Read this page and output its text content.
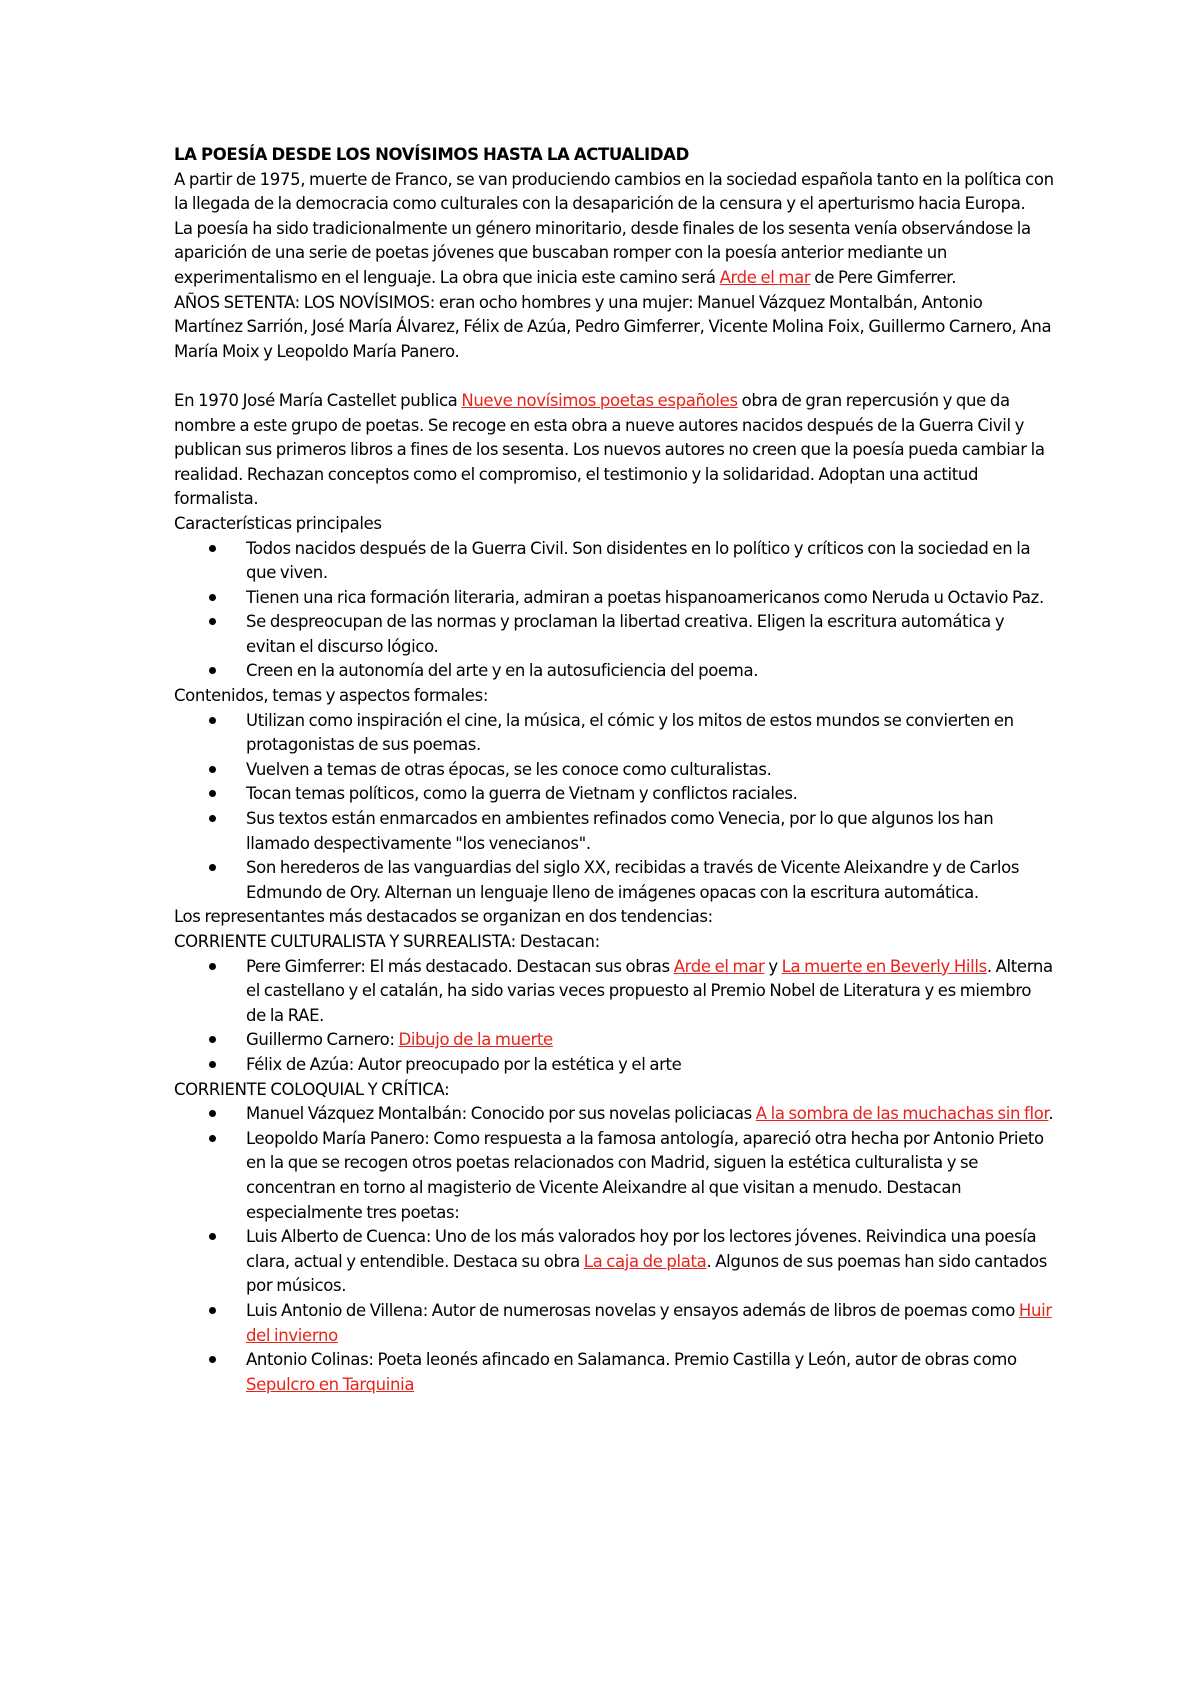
LA POESÍA DESDE LOS NOVÍSIMOS HASTA LA ACTUALIDAD

A partir de 1975, muerte de Franco, se van produciendo cambios en la sociedad española tanto en la política con la llegada de la democracia como culturales con la desaparición de la censura y el aperturismo hacia Europa.

La poesía ha sido tradicionalmente un género minoritario, desde finales de los sesenta venía observándose la aparición de una serie de poetas jóvenes que buscaban romper con la poesía anterior mediante un experimentalismo en el lenguaje. La obra que inicia este camino será Arde el mar de Pere Gimferrer.

AÑOS SETENTA: LOS NOVÍSIMOS: eran ocho hombres y una mujer: Manuel Vázquez Montalbán, Antonio Martínez Sarrión, José María Álvarez, Félix de Azúa, Pedro Gimferrer, Vicente Molina Foix, Guillermo Carnero, Ana María Moix y Leopoldo María Panero.

En 1970 José María Castellet publica Nueve novísimos poetas españoles obra de gran repercusión y que da nombre a este grupo de poetas. Se recoge en esta obra a nueve autores nacidos después de la Guerra Civil y publican sus primeros libros a fines de los sesenta. Los nuevos autores no creen que la poesía pueda cambiar la realidad. Rechazan conceptos como el compromiso, el testimonio y la solidaridad. Adoptan una actitud formalista.

Características principales

Todos nacidos después de la Guerra Civil. Son disidentes en lo político y críticos con la sociedad en la que viven.
Tienen una rica formación literaria, admiran a poetas hispanoamericanos como Neruda u Octavio Paz.
Se despreocupan de las normas y proclaman la libertad creativa. Eligen la escritura automática y evitan el discurso lógico.
Creen en la autonomía del arte y en la autosuficiencia del poema.

Contenidos, temas y aspectos formales:

Utilizan como inspiración el cine, la música, el cómic y los mitos de estos mundos se convierten en protagonistas de sus poemas.
Vuelven a temas de otras épocas, se les conoce como culturalistas.
Tocan temas políticos, como la guerra de Vietnam y conflictos raciales.
Sus textos están enmarcados en ambientes refinados como Venecia, por lo que algunos los han llamado despectivamente "los venecianos".
Son herederos de las vanguardias del siglo XX, recibidas a través de Vicente Aleixandre y de Carlos Edmundo de Ory. Alternan un lenguaje lleno de imágenes opacas con la escritura automática.

Los representantes más destacados se organizan en dos tendencias:

CORRIENTE CULTURALISTA Y SURREALISTA: Destacan:

Pere Gimferrer: El más destacado. Destacan sus obras Arde el mar y La muerte en Beverly Hills. Alterna el castellano y el catalán, ha sido varias veces propuesto al Premio Nobel de Literatura y es miembro de la RAE.
Guillermo Carnero: Dibujo de la muerte
Félix de Azúa: Autor preocupado por la estética y el arte

CORRIENTE COLOQUIAL Y CRÍTICA:

Manuel Vázquez Montalbán: Conocido por sus novelas policiacas A la sombra de las muchachas sin flor.
Leopoldo María Panero: Como respuesta a la famosa antología, apareció otra hecha por Antonio Prieto en la que se recogen otros poetas relacionados con Madrid, siguen la estética culturalista y se concentran en torno al magisterio de Vicente Aleixandre al que visitan a menudo. Destacan especialmente tres poetas:
Luis Alberto de Cuenca: Uno de los más valorados hoy por los lectores jóvenes. Reivindica una poesía clara, actual y entendible. Destaca su obra La caja de plata. Algunos de sus poemas han sido cantados por músicos.
Luis Antonio de Villena: Autor de numerosas novelas y ensayos además de libros de poemas como Huir del invierno
Antonio Colinas: Poeta leonés afincado en Salamanca. Premio Castilla y León, autor de obras como Sepulcro en Tarquinia
